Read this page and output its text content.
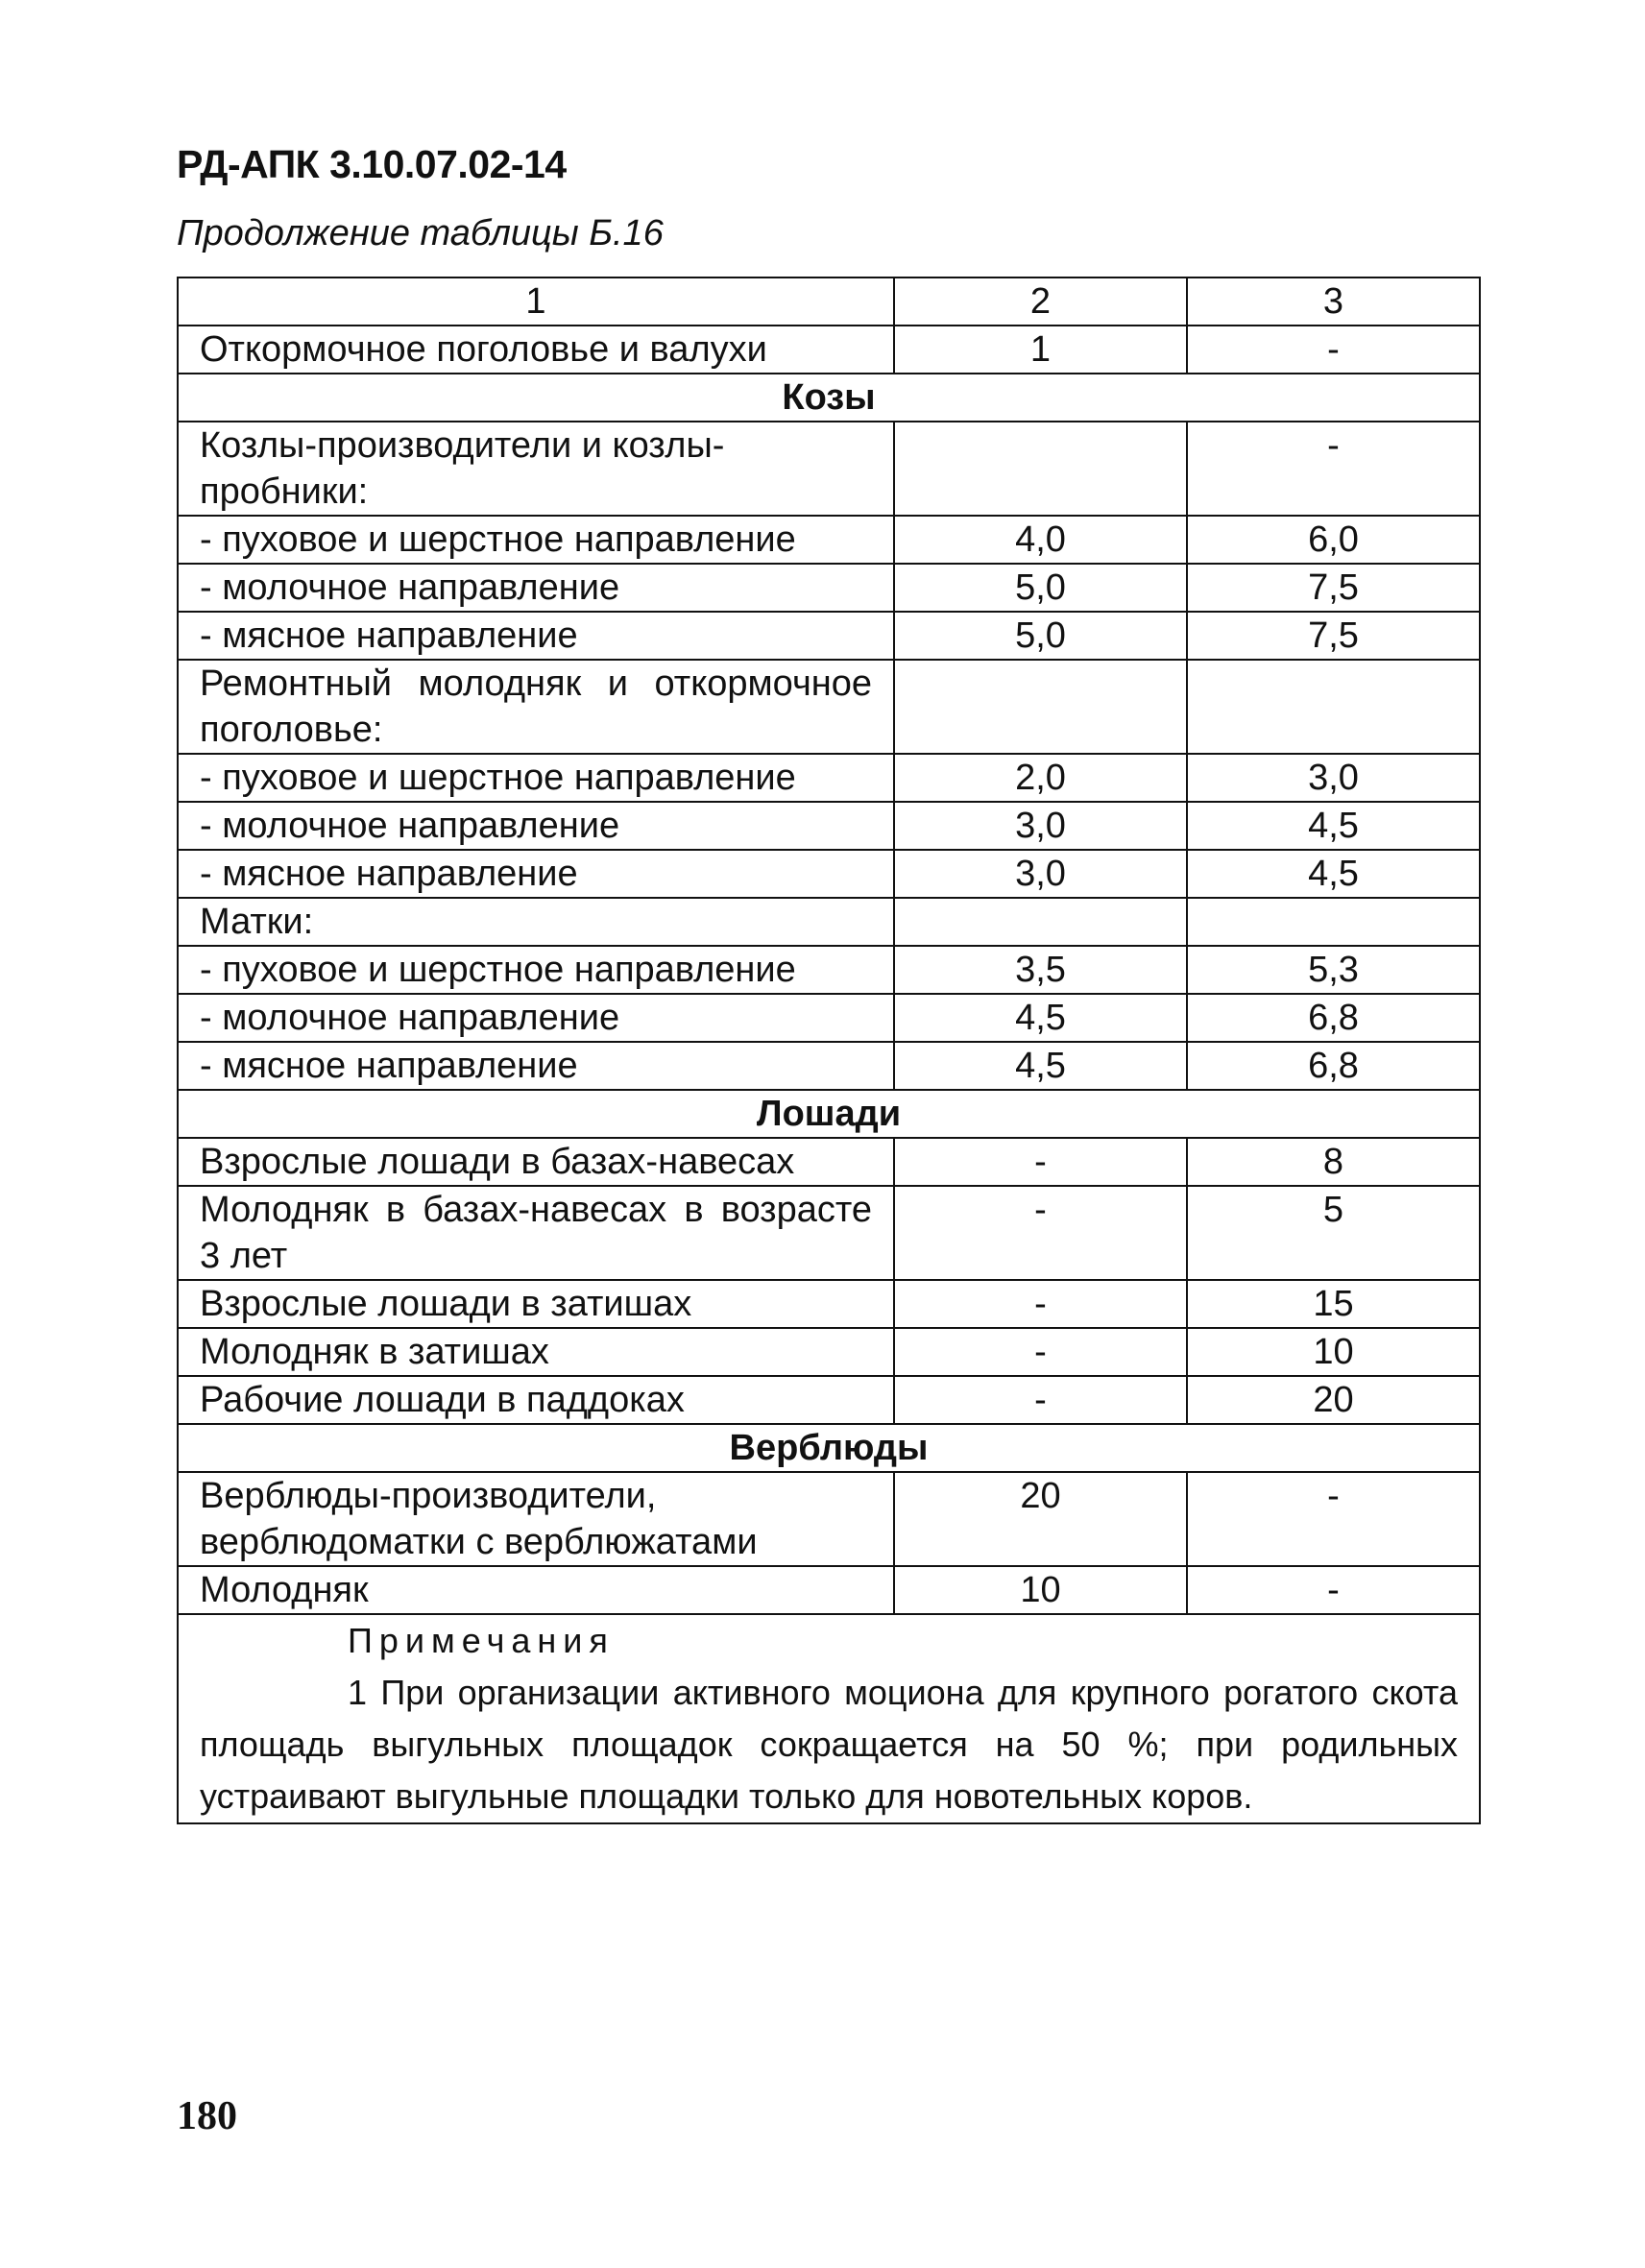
РД-АПК 3.10.07.02-14
Продолжение таблицы Б.16
1	2	3
Откормочное поголовье и валухи	1	-
Козы		
Козлы-производители и козлы-пробники:		-
- пуховое и шерстное направление	4,0	6,0
- молочное направление	5,0	7,5
- мясное направление	5,0	7,5
Ремонтный молодняк и откормочное поголовье:		
- пуховое и шерстное направление	2,0	3,0
- молочное направление	3,0	4,5
- мясное направление	3,0	4,5
Матки:		
- пуховое и шерстное направление	3,5	5,3
- молочное направление	4,5	6,8
- мясное направление	4,5	6,8
Лошади		
Взрослые лошади в базах-навесах	-	8
Молодняк в базах-навесах в возрасте 3 лет	-	5
Взрослые лошади в затишах	-	15
Молодняк в затишах	-	10
Рабочие лошади в паддоках	-	20
Верблюды		
Верблюды-производители, верблюдоматки с верблюжатами	20	-
Молодняк	10	-

Примечания
1 При организации активного моциона для крупного рогатого скота площадь выгульных площадок сокращается на 50 %; при родильных устраивают выгульные площадки только для новотельных коров.		
180
